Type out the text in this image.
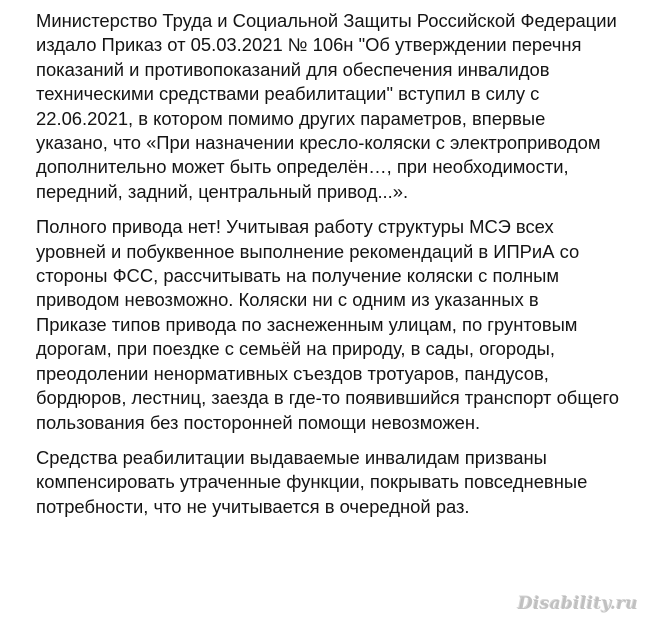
Министерство Труда и Социальной Защиты Российской Федерации
издало Приказ от 05.03.2021 № 106н "Об утверждении перечня
показаний и противопоказаний для обеспечения инвалидов
техническими средствами реабилитации" вступил в силу с
22.06.2021, в котором помимо других параметров, впервые
указано, что «При назначении кресло-коляски с электроприводом
дополнительно может быть определён…, при необходимости,
передний, задний, центральный привод...».

Полного привода нет! Учитывая работу структуры МСЭ всех
уровней и побуквенное выполнение рекомендаций в ИПРиА со
стороны ФСС, рассчитывать на получение коляски с полным
приводом невозможно. Коляски ни с одним из указанных в
Приказе типов привода по заснеженным улицам, по грунтовым
дорогам, при поездке с семьёй на природу, в сады, огороды,
преодолении ненормативных съездов тротуаров, пандусов,
бордюров, лестниц, заезда в где-то появившийся транспорт общего
пользования без посторонней помощи невозможен.

Средства реабилитации выдаваемые инвалидам призваны
компенсировать утраченные функции, покрывать повседневные
потребности, что не учитывается в очередной раз.

Disability.ru
